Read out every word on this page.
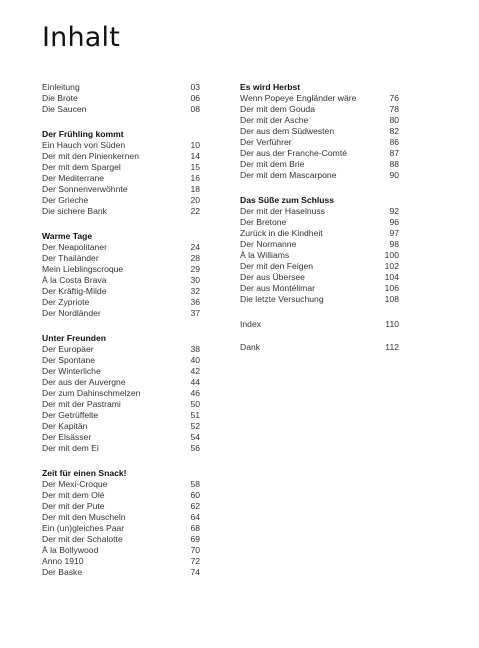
Inhalt
Einleitung	03
Die Brote	06
Die Saucen	08
Der Frühling kommt
Ein Hauch von Süden	10
Der mit den Pinienkernen	14
Der mit dem Spargel	15
Der Mediterrane	16
Der Sonnenverwöhnte	18
Der Grieche	20
Die sichere Bank	22
Warme Tage
Der Neapolitaner	24
Der Thailänder	28
Mein Lieblingscroque	29
À la Costa Brava	30
Der Kräftig-Milde	32
Der Zypriote	36
Der Nordländer	37
Unter Freunden
Der Europäer	38
Der Spontane	40
Der Winterliche	42
Der aus der Auvergne	44
Der zum Dahinschmelzen	46
Der mit der Pastrami	50
Der Getrüffelte	51
Der Kapitän	52
Der Elsässer	54
Der mit dem Ei	56
Zeit für einen Snack!
Der Mexi-Croque	58
Der mit dem Olé	60
Der mit der Pute	62
Der mit den Muscheln	64
Ein (un)gleiches Paar	68
Der mit der Schalotte	69
À la Bollywood	70
Anno 1910	72
Der Baske	74
Es wird Herbst
Wenn Popeye Engländer wäre	76
Der mit dem Gouda	78
Der mit der Asche	80
Der aus dem Südwesten	82
Der Verführer	86
Der aus der Franche-Comté	87
Der mit dem Brie	88
Der mit dem Mascarpone	90
Das Süße zum Schluss
Der mit der Haselnuss	92
Der Bretone	96
Zurück in die Kindheit	97
Der Normanne	98
À la Williams	100
Der mit den Feigen	102
Der aus Übersee	104
Der aus Montélimar	106
Die letzte Versuchung	108
Index	110
Dank	112
